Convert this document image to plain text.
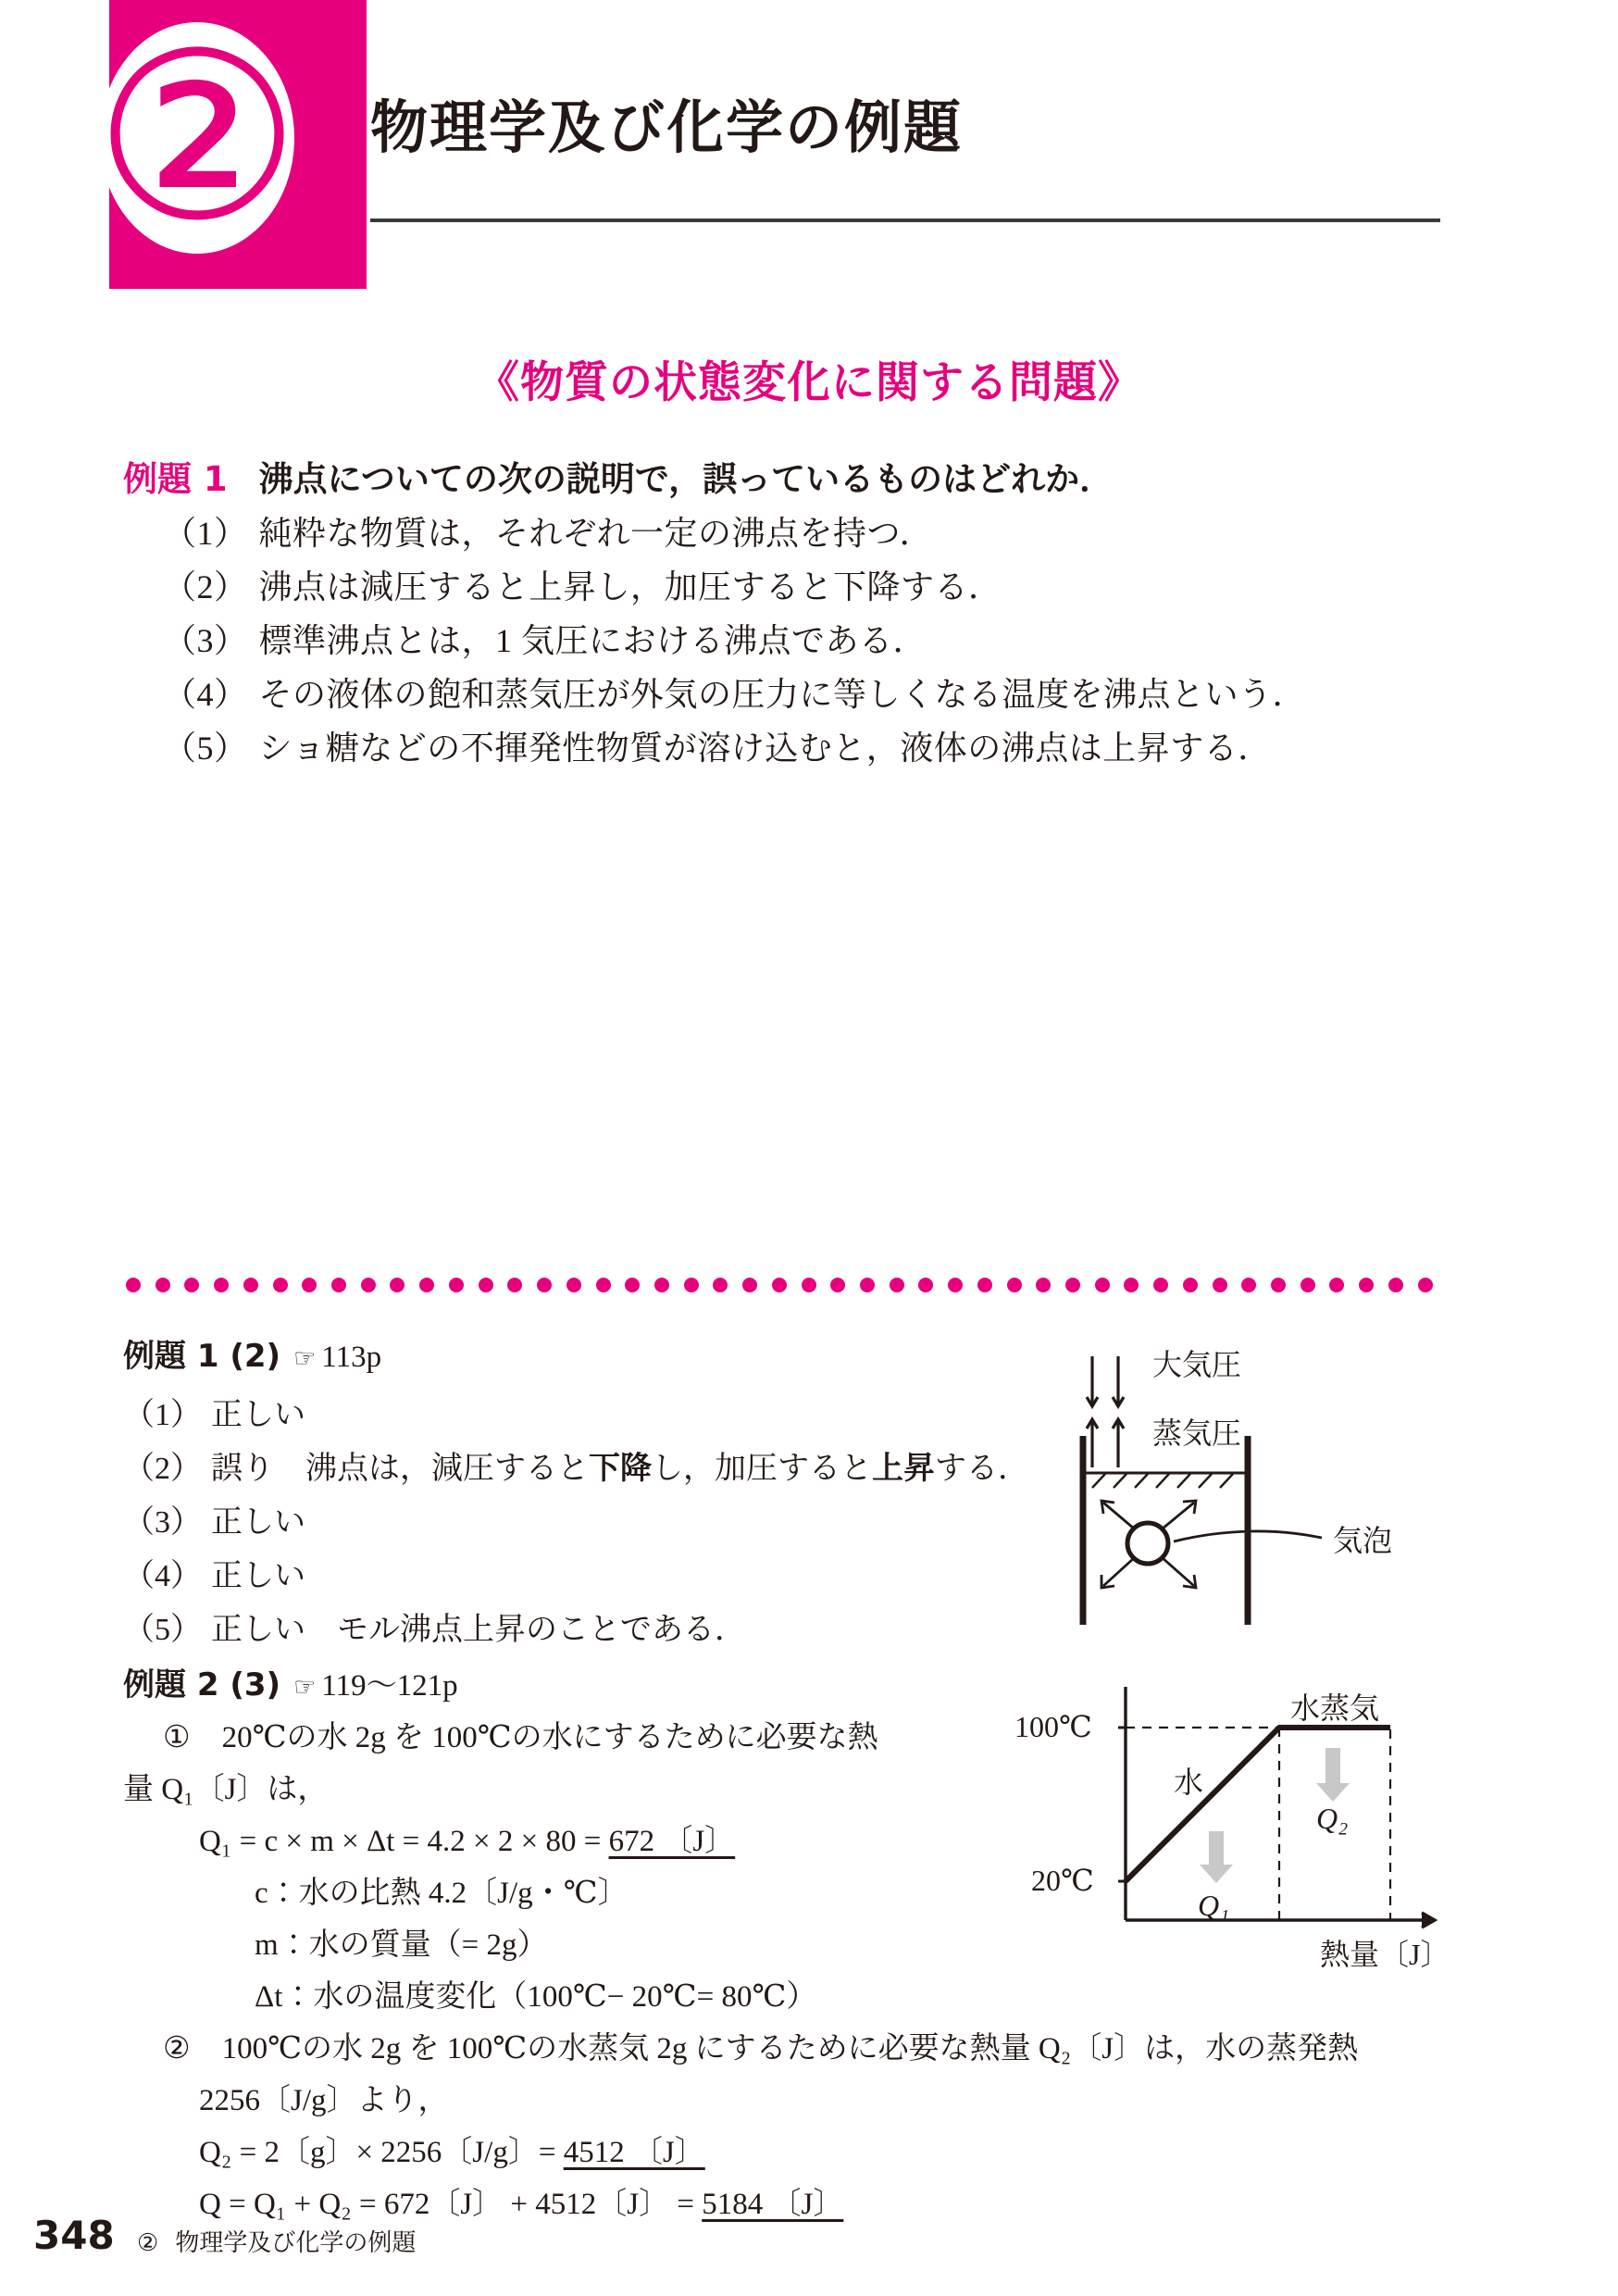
② 物理学及び化学の例題
《物質の状態変化に関する問題》
例題 1 沸点についての次の説明で，誤っているものはどれか．
（1） 純粋な物質は，それぞれ一定の沸点を持つ．
（2） 沸点は減圧すると上昇し，加圧すると下降する．
（3） 標準沸点とは，1 気圧における沸点である．
（4） その液体の飽和蒸気圧が外気の圧力に等しくなる温度を沸点という．
（5） ショ糖などの不揮発性物質が溶け込むと，液体の沸点は上昇する．
例題 1 (2) ☞ 113p
（1） 正しい
（2） 誤り 沸点は，減圧すると下降し，加圧すると上昇する．
（3） 正しい
（4） 正しい
（5） 正しい モル沸点上昇のことである．
大気圧
蒸気圧
気泡
例題 2 (3) ☞ 119〜121p
① 20℃の水 2g を 100℃の水にするために必要な熱
量 Q₁〔J〕は，
Q₁ = c × m × Δt = 4.2 × 2 × 80 = 672 〔J〕
c：水の比熱 4.2〔J/g・℃〕
m：水の質量（= 2g）
Δt：水の温度変化（100℃− 20℃= 80℃）
② 100℃の水 2g を 100℃の水蒸気 2g にするために必要な熱量 Q₂〔J〕は，水の蒸発熱
2256〔J/g〕より，
Q₂ = 2〔g〕× 2256〔J/g〕= 4512 〔J〕
Q = Q₁ + Q₂ = 672〔J〕 + 4512〔J〕 = 5184 〔J〕
100℃
20℃
水
水蒸気
Q₁
Q₂
熱量〔J〕
348 ② 物理学及び化学の例題
